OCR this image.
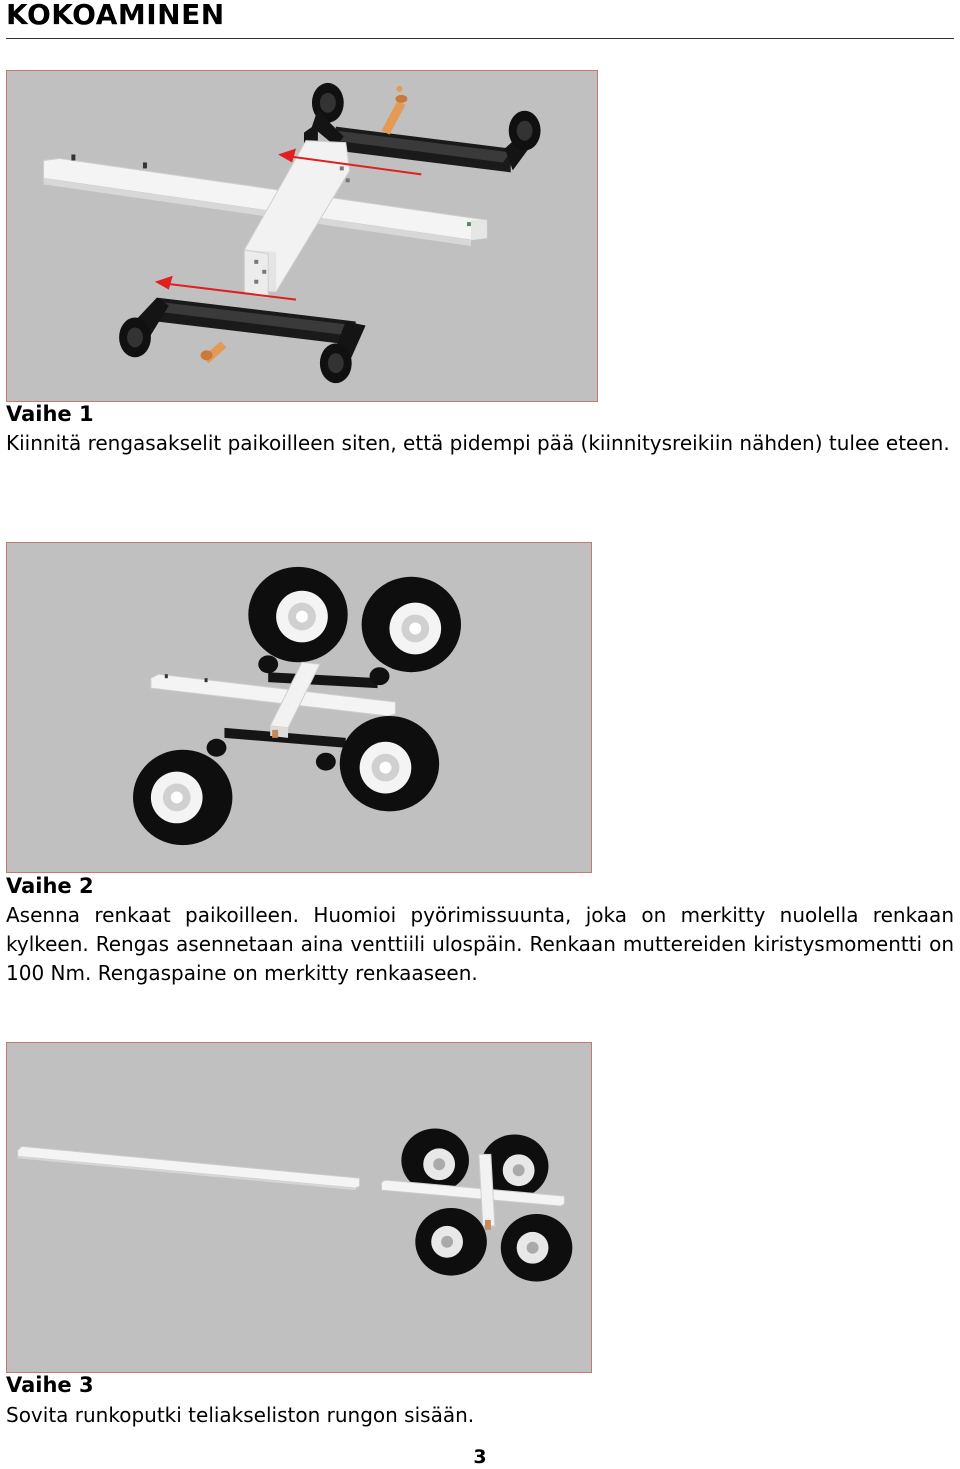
KOKOAMINEN
Vaihe 1
Kiinnitä rengasakselit paikoilleen siten, että pidempi pää (kiinnitysreikiin nähden) tulee eteen.
Vaihe 2
Asenna renkaat paikoilleen. Huomioi pyörimissuunta, joka on merkitty nuolella renkaan kylkeen. Rengas asennetaan aina venttiili ulospäin. Renkaan muttereiden kiristysmomentti on 100 Nm. Rengaspaine on merkitty renkaaseen.
Vaihe 3
Sovita runkoputki teliakseliston rungon sisään.
3
